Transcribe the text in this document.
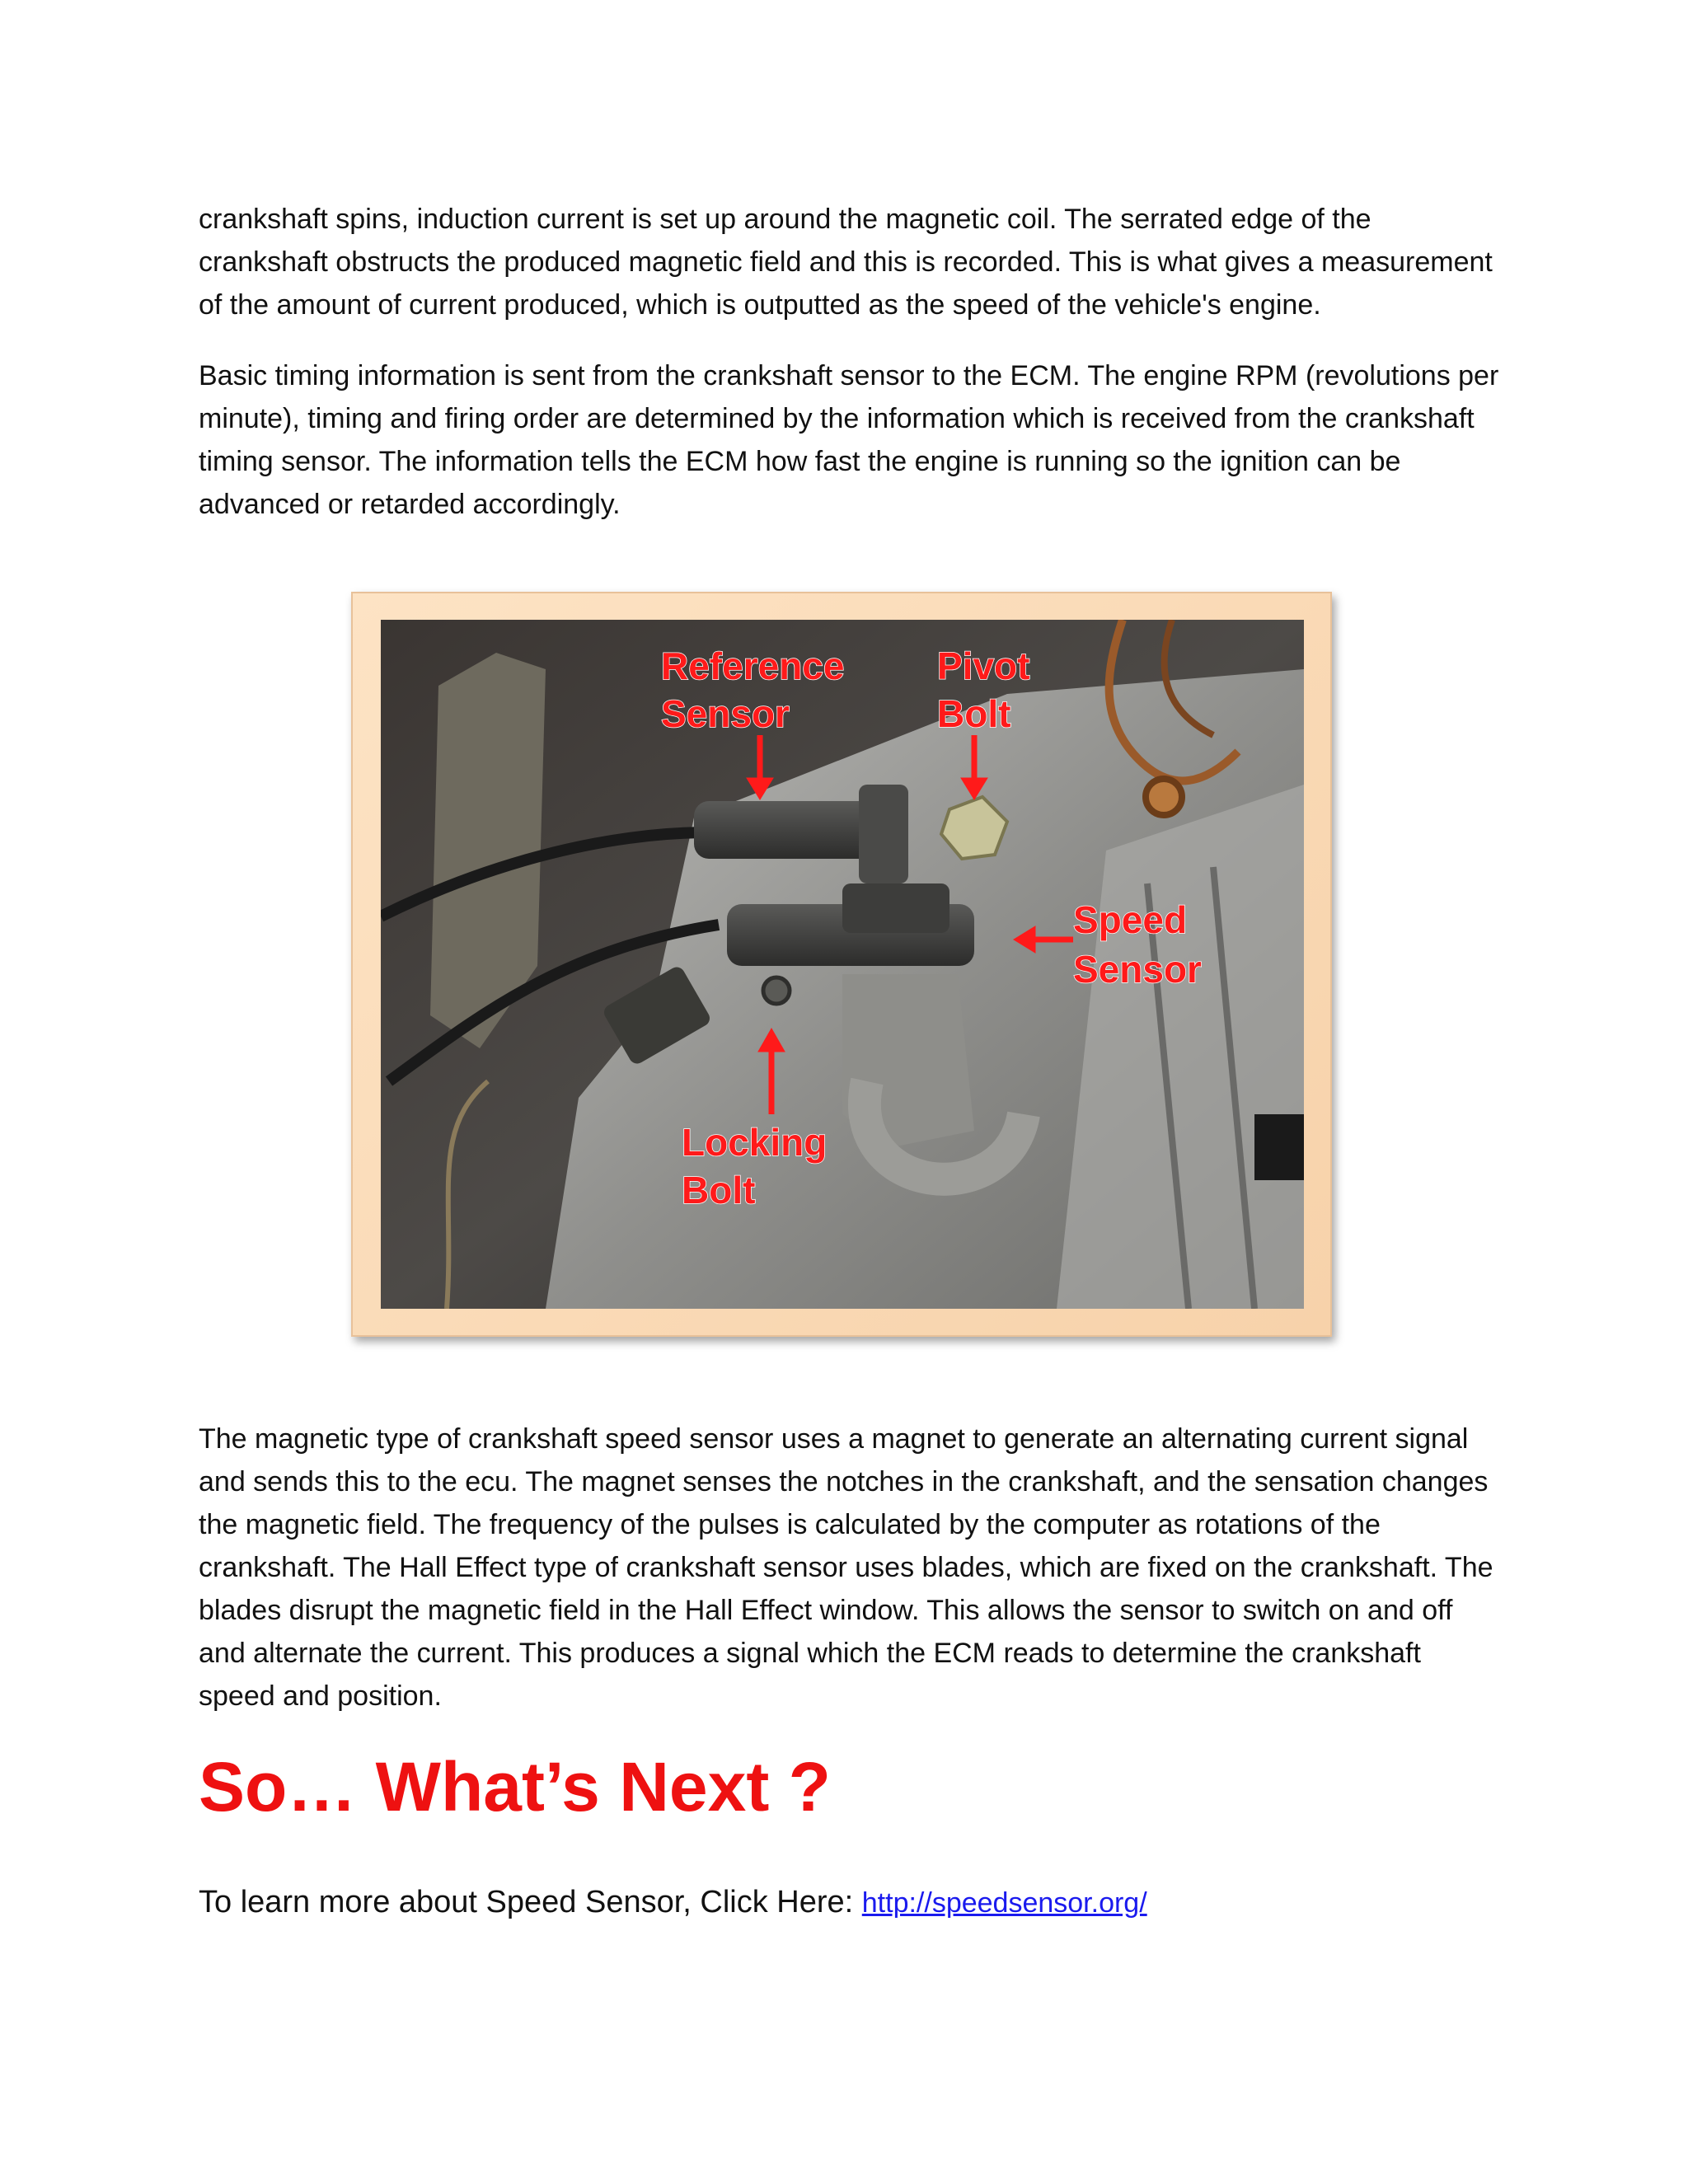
crankshaft spins, induction current is set up around the magnetic coil. The serrated edge of the crankshaft obstructs the produced magnetic field and this is recorded. This is what gives a measurement of the amount of current produced, which is outputted as the speed of the vehicle's engine.

Basic timing information is sent from the crankshaft sensor to the ECM. The engine RPM (revolutions per minute), timing and firing order are determined by the information which is received from the crankshaft timing sensor. The information tells the ECM how fast the engine is running so the ignition can be advanced or retarded accordingly.

The magnetic type of crankshaft speed sensor uses a magnet to generate an alternating current signal and sends this to the ecu. The magnet senses the notches in the crankshaft, and the sensation changes the magnetic field. The frequency of the pulses is calculated by the computer as rotations of the crankshaft. The Hall Effect type of crankshaft sensor uses blades, which are fixed on the crankshaft. The blades disrupt the magnetic field in the Hall Effect window. This allows the sensor to switch on and off and alternate the current. This produces a signal which the ECM reads to determine the crankshaft speed and position.

Reference
Sensor
Pivot
Bolt
Speed
Sensor
Locking
Bolt
So… What’s Next ?

To learn more about Speed Sensor, Click Here: http://speedsensor.org/
